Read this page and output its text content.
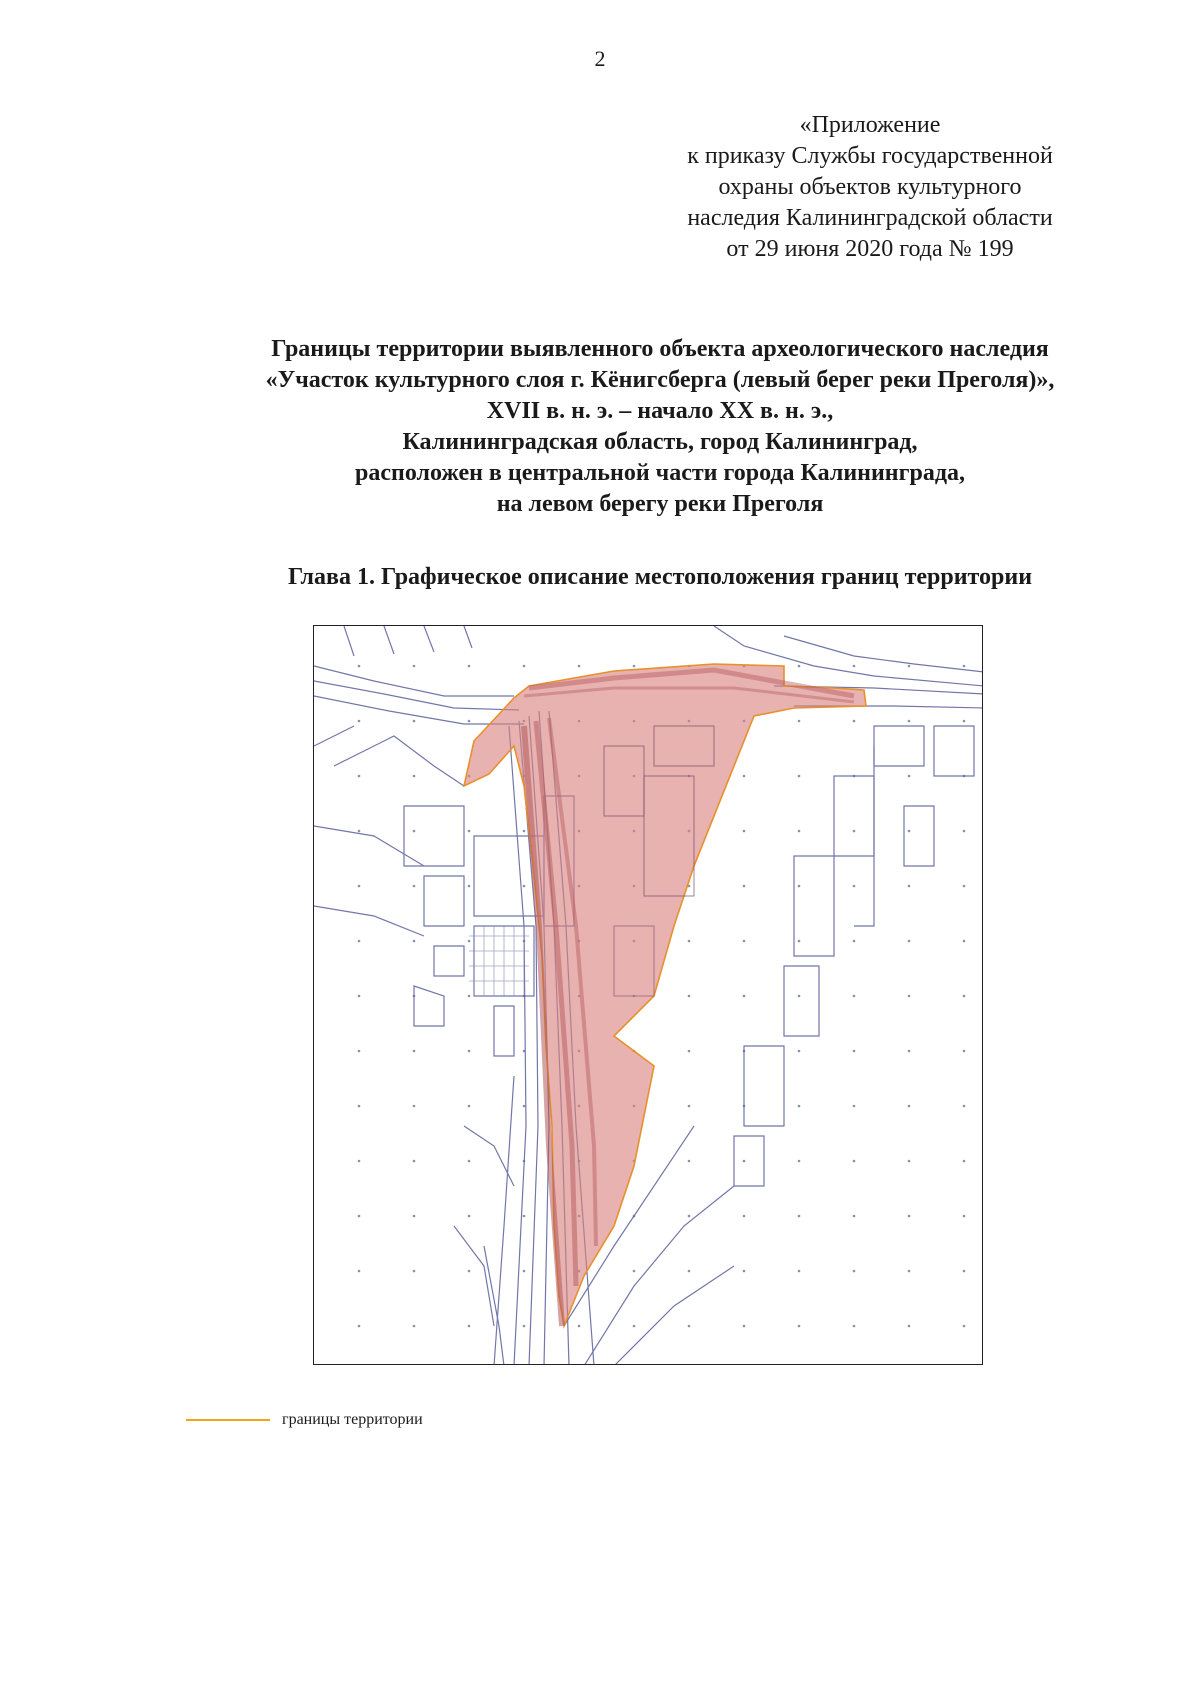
2
«Приложение
к приказу Службы государственной
охраны объектов культурного
наследия Калининградской области
от 29 июня 2020 года № 199
Границы территории выявленного объекта археологического наследия
«Участок культурного слоя г. Кёнигсберга (левый берег реки Преголя)»,
XVII в. н. э. – начало XX в. н. э.,
Калининградская область, город Калининград,
расположен в центральной части города Калининграда,
на левом берегу реки Преголя
Глава 1. Графическое описание местоположения границ территории
границы территории
